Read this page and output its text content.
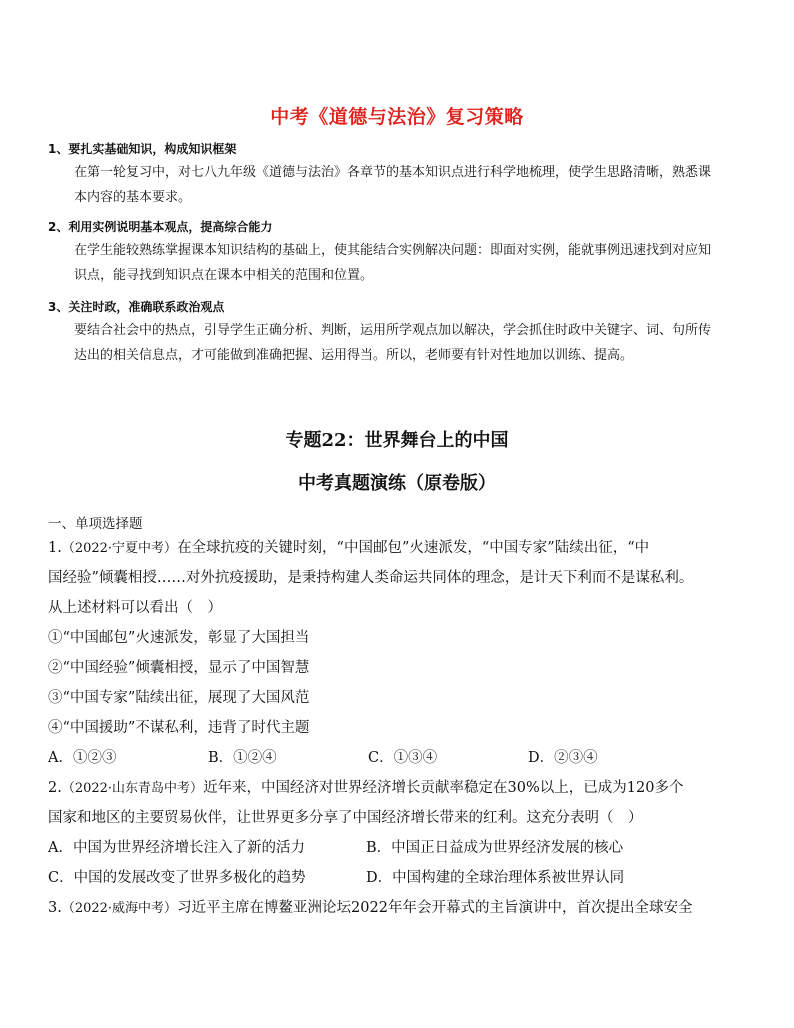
中考《道德与法治》复习策略
1、要扎实基础知识，构成知识框架
在第一轮复习中，对七八九年级《道德与法治》各章节的基本知识点进行科学地梳理，使学生思路清晰，熟悉课
本内容的基本要求。
2、利用实例说明基本观点，提高综合能力
在学生能较熟练掌握课本知识结构的基础上，使其能结合实例解决问题：即面对实例，能就事例迅速找到对应知
识点，能寻找到知识点在课本中相关的范围和位置。
3、关注时政，准确联系政治观点
要结合社会中的热点，引导学生正确分析、判断，运用所学观点加以解决，学会抓住时政中关键字、词、句所传
达出的相关信息点，才可能做到准确把握、运用得当。所以，老师要有针对性地加以训练、提高。
专题22：世界舞台上的中国
中考真题演练（原卷版）
一、单项选择题
1.（2022·宁夏中考）在全球抗疫的关键时刻，“中国邮包”火速派发，“中国专家”陆续出征，“中
国经验”倾囊相授……对外抗疫援助，是秉持构建人类命运共同体的理念，是计天下利而不是谋私利。
从上述材料可以看出（　）
①“中国邮包”火速派发，彰显了大国担当
②“中国经验”倾囊相授，显示了中国智慧
③“中国专家”陆续出征，展现了大国风范
④“中国援助”不谋私利，违背了时代主题
A．①②③	B．①②④	C．①③④	D．②③④
2.（2022·山东青岛中考）近年来，中国经济对世界经济增长贡献率稳定在30%以上，已成为120多个
国家和地区的主要贸易伙伴，让世界更多分享了中国经济增长带来的红利。这充分表明（　）
A．中国为世界经济增长注入了新的活力	B．中国正日益成为世界经济发展的核心
C．中国的发展改变了世界多极化的趋势	D．中国构建的全球治理体系被世界认同
3.（2022·威海中考）习近平主席在博鳌亚洲论坛2022年年会开幕式的主旨演讲中，首次提出全球安全
